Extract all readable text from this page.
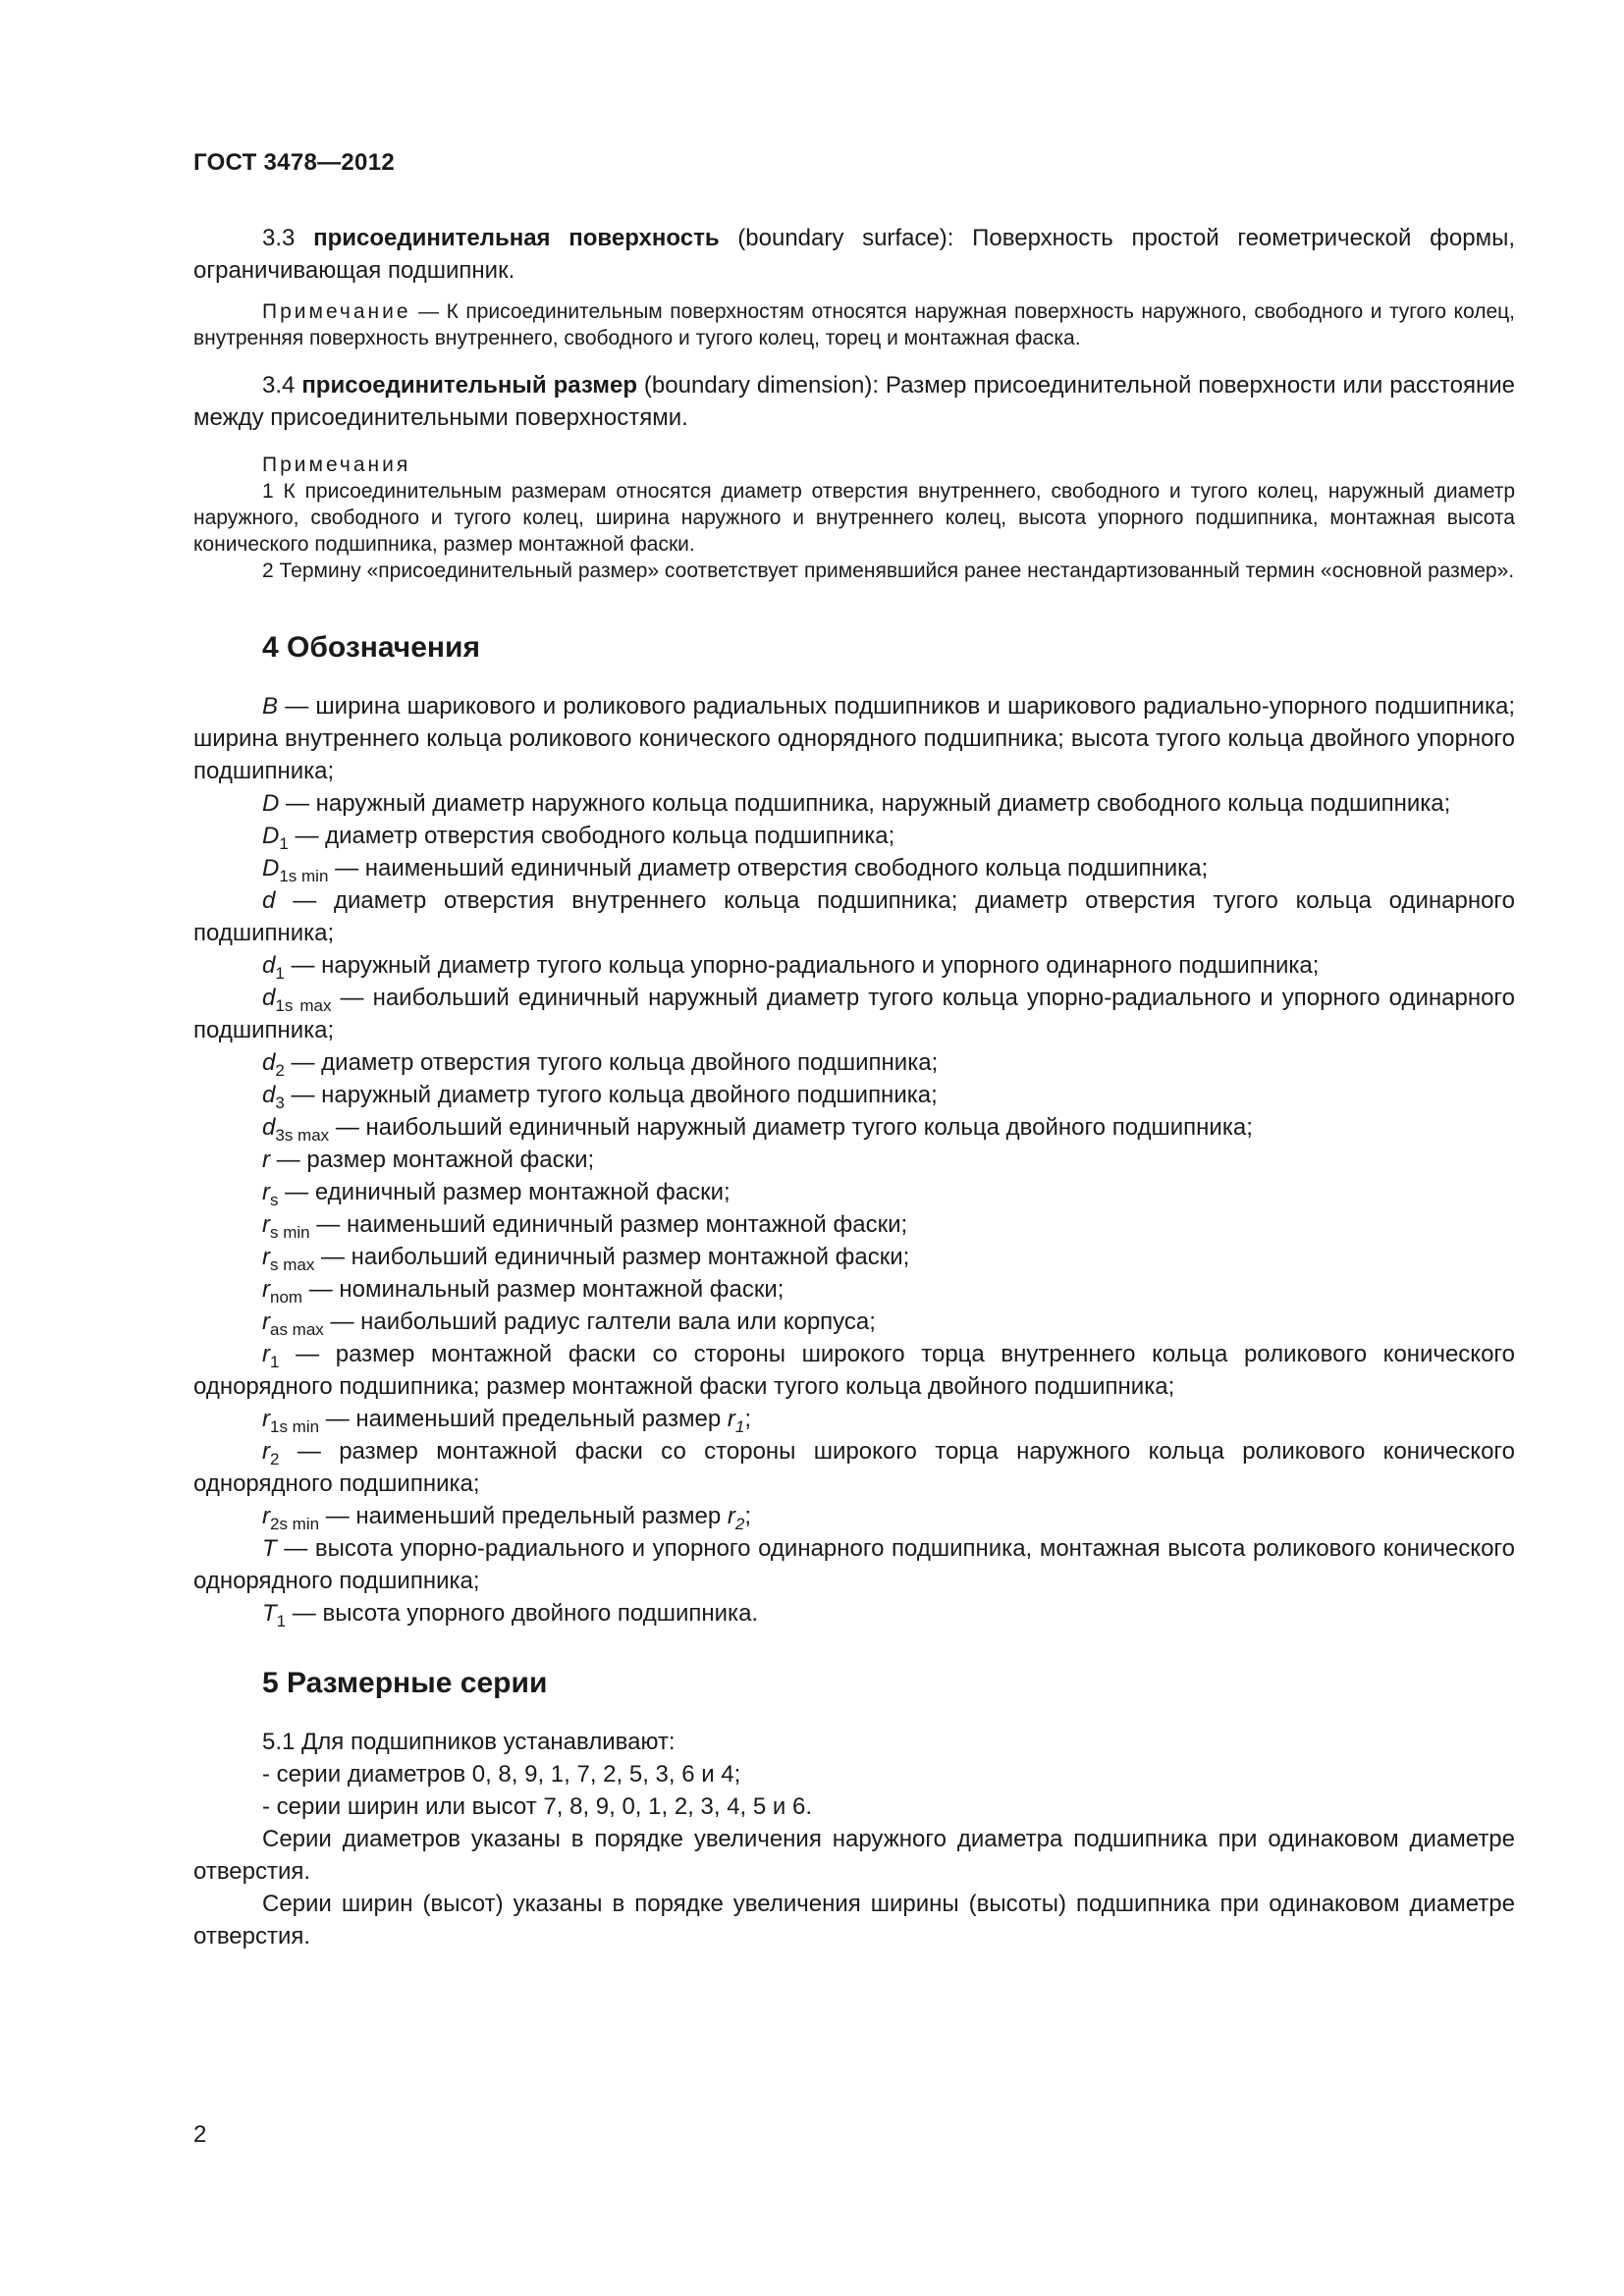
ГОСТ 3478—2012

3.3 присоединительная поверхность (boundary surface): Поверхность простой геометрической формы, ограничивающая подшипник.

Примечание — К присоединительным поверхностям относятся наружная поверхность наружного, свободного и тугого колец, внутренняя поверхность внутреннего, свободного и тугого колец, торец и монтажная фаска.

3.4 присоединительный размер (boundary dimension): Размер присоединительной поверхности или расстояние между присоединительными поверхностями.

Примечания

1 К присоединительным размерам относятся диаметр отверстия внутреннего, свободного и тугого колец, наружный диаметр наружного, свободного и тугого колец, ширина наружного и внутреннего колец, высота упорного подшипника, монтажная высота конического подшипника, размер монтажной фаски.

2 Термину «присоединительный размер» соответствует применявшийся ранее нестандартизованный термин «основной размер».

4 Обозначения

B — ширина шарикового и роликового радиальных подшипников и шарикового радиально-упорного подшипника; ширина внутреннего кольца роликового конического однорядного подшипника; высота тугого кольца двойного упорного подшипника;

D — наружный диаметр наружного кольца подшипника, наружный диаметр свободного кольца подшипника;

$D_1$ — диаметр отверстия свободного кольца подшипника;

$D_{1s min}$ — наименьший единичный диаметр отверстия свободного кольца подшипника;

d — диаметр отверстия внутреннего кольца подшипника; диаметр отверстия тугого кольца одинарного подшипника;

$d_1$ — наружный диаметр тугого кольца упорно-радиального и упорного одинарного подшипника;

$d_{1s max}$ — наибольший единичный наружный диаметр тугого кольца упорно-радиального и упорного одинарного подшипника;

$d_2$ — диаметр отверстия тугого кольца двойного подшипника;

$d_3$ — наружный диаметр тугого кольца двойного подшипника;

$d_{3s max}$ — наибольший единичный наружный диаметр тугого кольца двойного подшипника;

r — размер монтажной фаски;

$r_s$ — единичный размер монтажной фаски;

$r_{s min}$ — наименьший единичный размер монтажной фаски;

$r_{s max}$ — наибольший единичный размер монтажной фаски;

$r_{nom}$ — номинальный размер монтажной фаски;

$r_{as max}$ — наибольший радиус галтели вала или корпуса;

$r_1$ — размер монтажной фаски со стороны широкого торца внутреннего кольца роликового конического однорядного подшипника; размер монтажной фаски тугого кольца двойного подшипника;

$r_{1s min}$ — наименьший предельный размер $r_1$;

$r_2$ — размер монтажной фаски со стороны широкого торца наружного кольца роликового конического однорядного подшипника;

$r_{2s min}$ — наименьший предельный размер $r_2$;

T — высота упорно-радиального и упорного одинарного подшипника, монтажная высота роликового конического однорядного подшипника;

$T_1$ — высота упорного двойного подшипника.

5 Размерные серии

5.1 Для подшипников устанавливают:

- серии диаметров 0, 8, 9, 1, 7, 2, 5, 3, 6 и 4;

- серии ширин или высот 7, 8, 9, 0, 1, 2, 3, 4, 5 и 6.

Серии диаметров указаны в порядке увеличения наружного диаметра подшипника при одинаковом диаметре отверстия.

Серии ширин (высот) указаны в порядке увеличения ширины (высоты) подшипника при одинаковом диаметре отверстия.

2
